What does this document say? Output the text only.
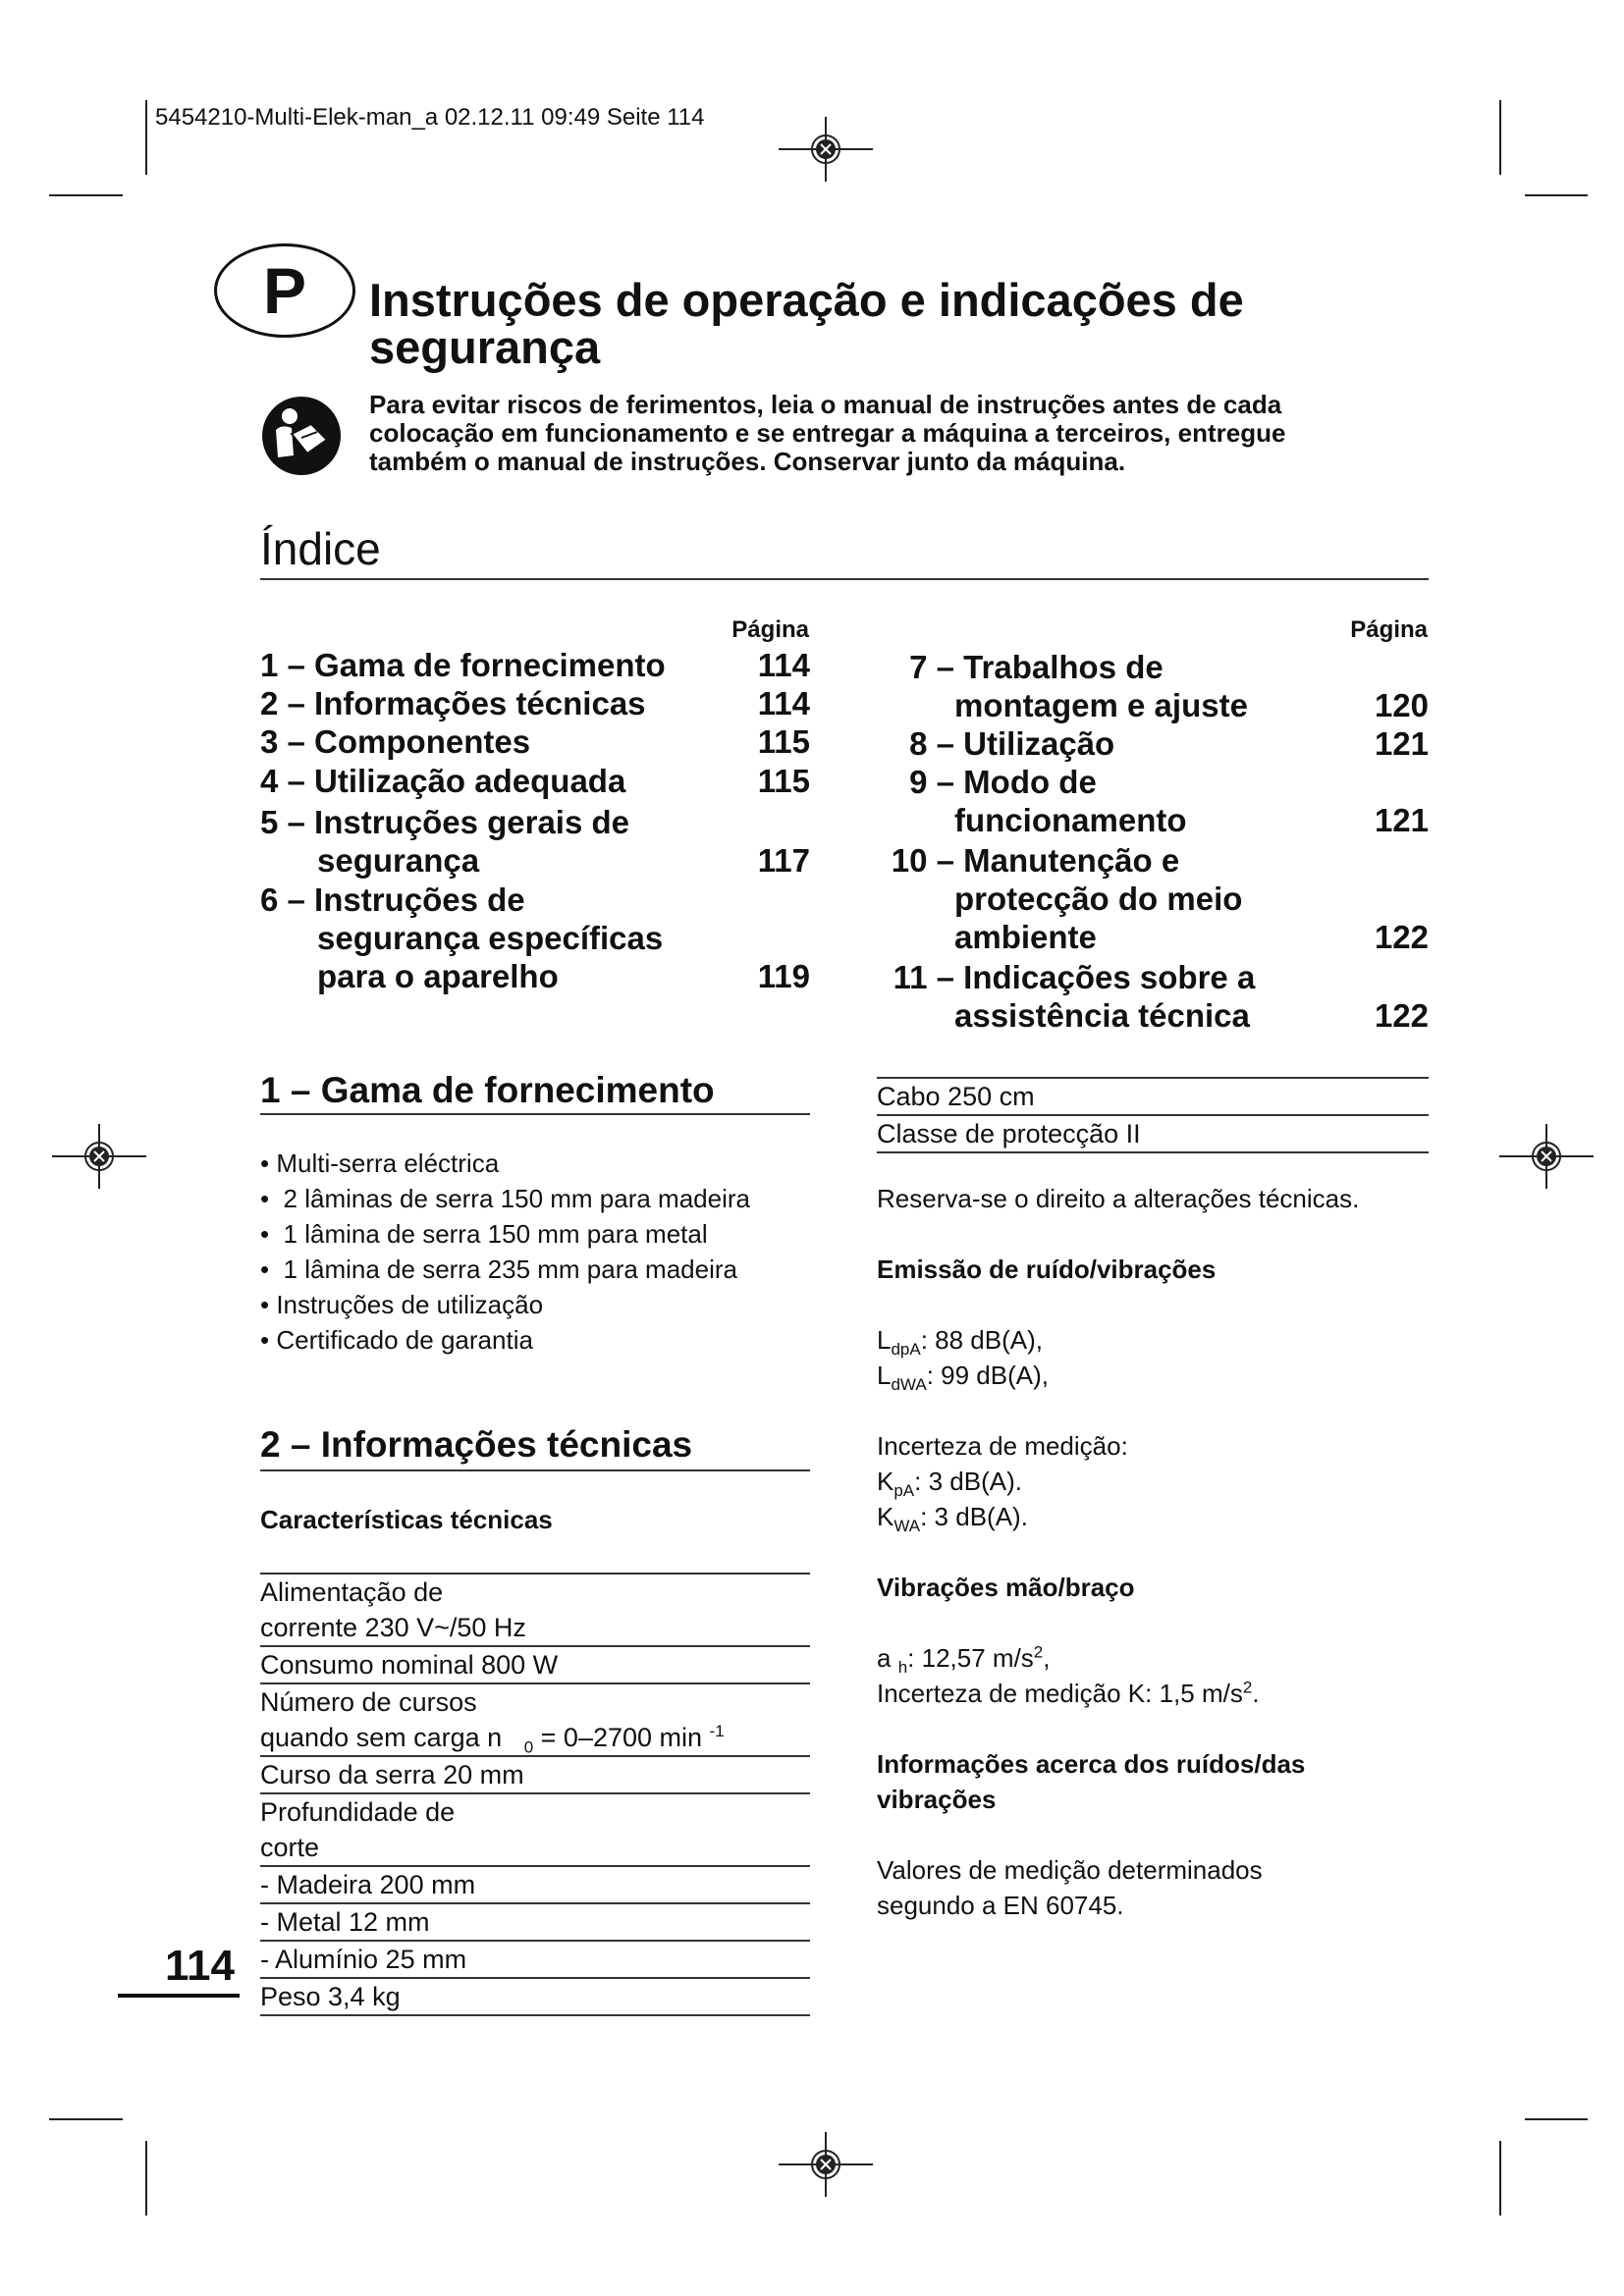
5454210-Multi-Elek-man_a 02.12.11 09:49 Seite 114
P	Instruções de operação e indicações de
segurança
Para evitar riscos de ferimentos, leia o manual de instruções antes de cada
colocação em funcionamento e se entregar a máquina a terceiros, entregue
também o manual de instruções. Conservar junto da máquina.
Índice
Página	Página
1 – Gama de fornecimento	114
2 – Informações técnicas	114
3 – Componentes	115
4 – Utilização adequada	115
5 – Instruções gerais de
segurança	117
6 – Instruções de
segurança específicas
para o aparelho	119
7 – Trabalhos de
montagem e ajuste	120
8 – Utilização	121
9 – Modo de
funcionamento	121
10 – Manutenção e
protecção do meio
ambiente	122
11 – Indicações sobre a
assistência técnica	122
1 – Gama de fornecimento
• Multi-serra eléctrica
•  2 lâminas de serra 150 mm para madeira
•  1 lâmina de serra 150 mm para metal
•  1 lâmina de serra 235 mm para madeira
• Instruções de utilização
• Certificado de garantia
2 – Informações técnicas
Características técnicas
Alimentação de
corrente 230 V~/50 Hz

Consumo nominal 800 W

Número de cursos
quando sem carga n $_0$ = 0–2700 min $^{-1}$

Curso da serra 20 mm

Profundidade de
corte

- Madeira 200 mm
- Metal 12 mm
- Alumínio 25 mm
Peso 3,4 kg
114
Cabo 250 cm
Classe de protecção II

Reserva-se o direito a alterações técnicas.

Emissão de ruído/vibrações

$L_{dpA}$: 88 dB(A),
$L_{dWA}$: 99 dB(A),

Incerteza de medição:
$K_{pA}$: 3 dB(A).
$K_{WA}$: 3 dB(A).

Vibrações mão/braço

a $_h$: 12,57 $m/s^2$,
Incerteza de medição K: 1,5 $m/s^2$.

Informações acerca dos ruídos/das
vibrações

Valores de medição determinados
segundo a EN 60745.
